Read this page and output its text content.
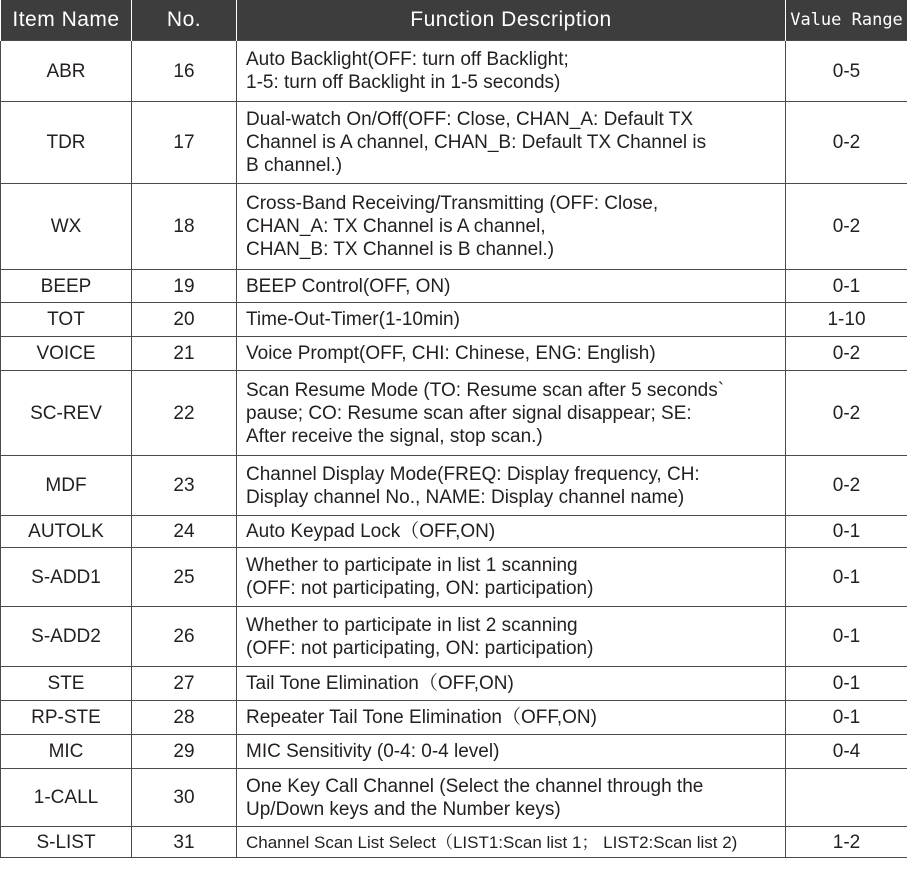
Item Name	No.	Function Description	Value Range
ABR	16	Auto Backlight(OFF: turn off Backlight;
1-5: turn off Backlight in 1-5 seconds)	0-5
TDR	17	Dual-watch On/Off(OFF: Close, CHAN_A: Default TX
Channel is A channel, CHAN_B: Default TX Channel is
B channel.)	0-2
WX	18	Cross-Band Receiving/Transmitting (OFF: Close,
CHAN_A: TX Channel is A channel,
CHAN_B: TX Channel is B channel.)	0-2
BEEP	19	BEEP Control(OFF, ON)	0-1
TOT	20	Time-Out-Timer(1-10min)	1-10
VOICE	21	Voice Prompt(OFF, CHI: Chinese, ENG: English)	0-2
SC-REV	22	Scan Resume Mode (TO: Resume scan after 5 seconds`
pause; CO: Resume scan after signal disappear; SE:
After receive the signal, stop scan.)	0-2
MDF	23	Channel Display Mode(FREQ: Display frequency, CH:
Display channel No., NAME: Display channel name)	0-2
AUTOLK	24	Auto Keypad Lock（OFF,ON)	0-1
S-ADD1	25	Whether to participate in list 1 scanning
(OFF: not participating, ON: participation)	0-1
S-ADD2	26	Whether to participate in list 2 scanning
(OFF: not participating, ON: participation)	0-1
STE	27	Tail Tone Elimination（OFF,ON)	0-1
RP-STE	28	Repeater Tail Tone Elimination（OFF,ON)	0-1
MIC	29	MIC Sensitivity (0-4: 0-4 level)	0-4
1-CALL	30	One Key Call Channel (Select the channel through the
Up/Down keys and the Number keys)	
S-LIST	31	Channel Scan List Select（LIST1:Scan list 1； LIST2:Scan list 2)	1-2
